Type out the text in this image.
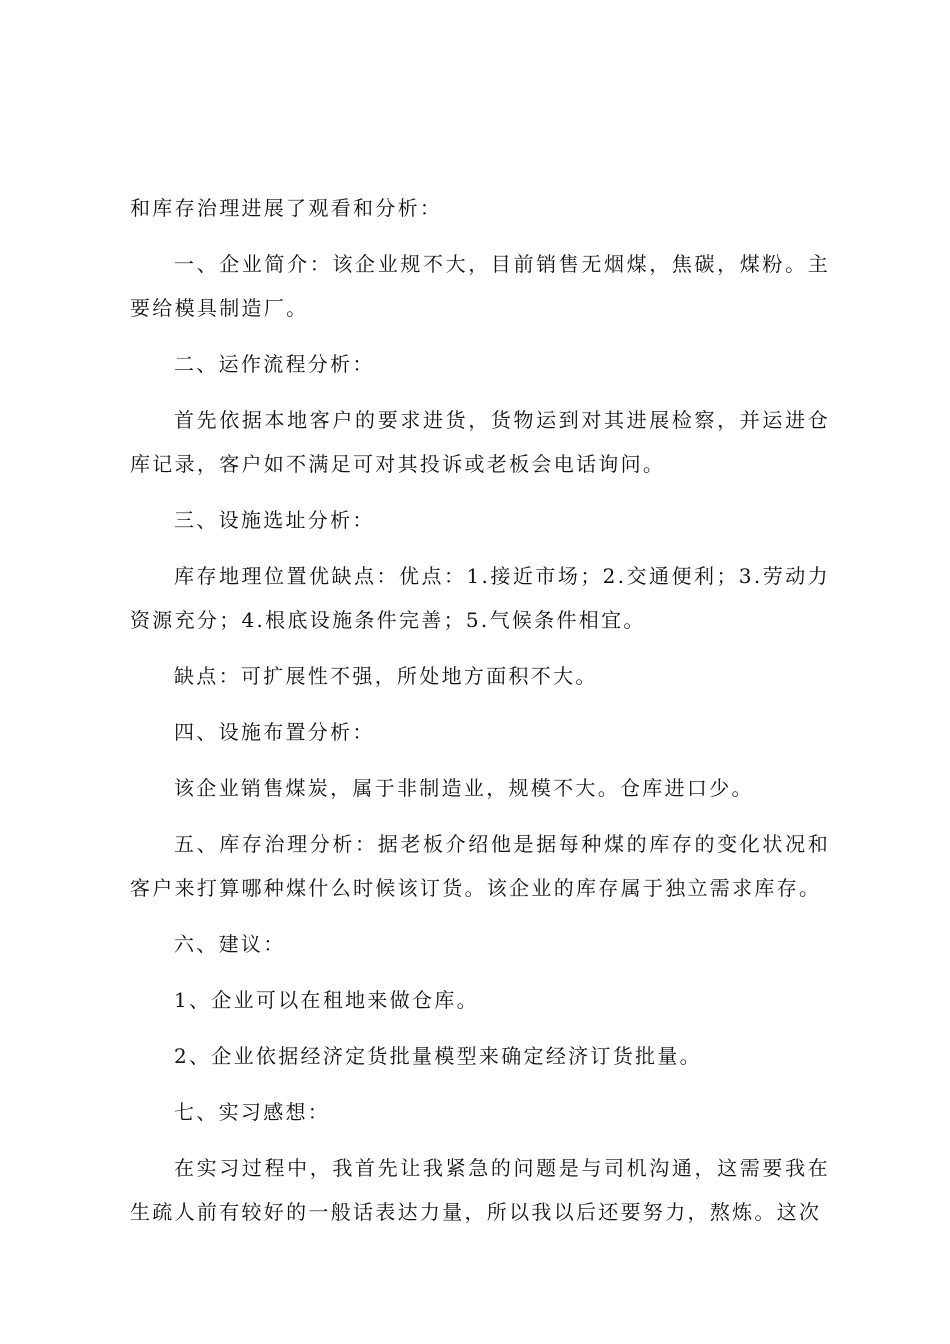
和库存治理进展了观看和分析：

一、企业简介：该企业规不大，目前销售无烟煤，焦碳，煤粉。主要给模具制造厂。

二、运作流程分析：

首先依据本地客户的要求进货，货物运到对其进展检察，并运进仓库记录，客户如不满足可对其投诉或老板会电话询问。

三、设施选址分析：

库存地理位置优缺点：优点：1.接近市场；2.交通便利；3.劳动力资源充分；4.根底设施条件完善；5.气候条件相宜。

缺点：可扩展性不强，所处地方面积不大。

四、设施布置分析：

该企业销售煤炭，属于非制造业，规模不大。仓库进口少。

五、库存治理分析：据老板介绍他是据每种煤的库存的变化状况和客户来打算哪种煤什么时候该订货。该企业的库存属于独立需求库存。

六、建议：

1、企业可以在租地来做仓库。

2、企业依据经济定货批量模型来确定经济订货批量。

七、实习感想：

在实习过程中，我首先让我紧急的问题是与司机沟通，这需要我在生疏人前有较好的一般话表达力量，所以我以后还要努力，熬炼。这次
